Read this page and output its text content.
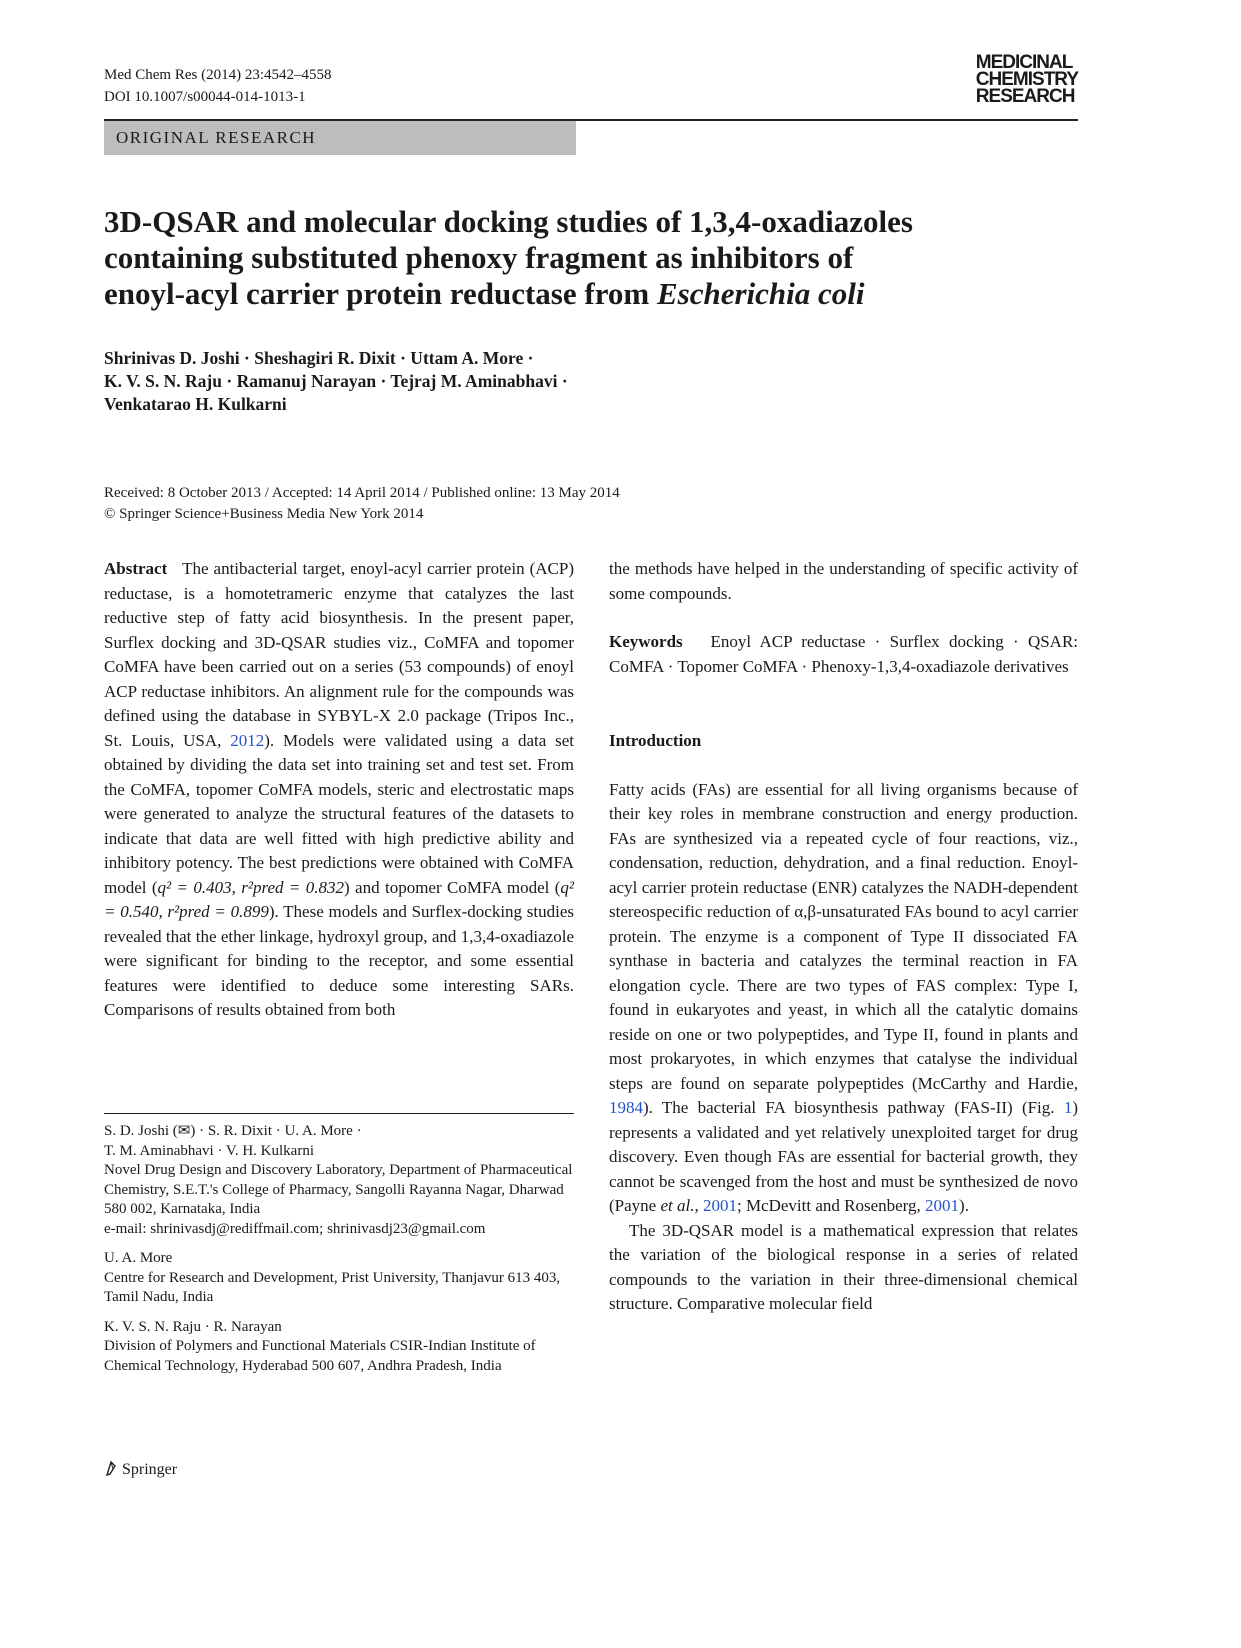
Med Chem Res (2014) 23:4542–4558
DOI 10.1007/s00044-014-1013-1
MEDICINAL
CHEMISTRY
RESEARCH
ORIGINAL RESEARCH
3D-QSAR and molecular docking studies of 1,3,4-oxadiazoles
containing substituted phenoxy fragment as inhibitors of
enoyl-acyl carrier protein reductase from Escherichia coli
Shrinivas D. Joshi · Sheshagiri R. Dixit · Uttam A. More ·
K. V. S. N. Raju · Ramanuj Narayan · Tejraj M. Aminabhavi ·
Venkatarao H. Kulkarni
Received: 8 October 2013 / Accepted: 14 April 2014 / Published online: 13 May 2014
© Springer Science+Business Media New York 2014

Abstract The antibacterial target, enoyl-acyl carrier protein (ACP) reductase, is a homotetrameric enzyme that catalyzes the last reductive step of fatty acid biosynthesis. In the present paper, Surflex docking and 3D-QSAR studies viz., CoMFA and topomer CoMFA have been carried out on a series (53 compounds) of enoyl ACP reductase inhibitors. An alignment rule for the compounds was defined using the database in SYBYL-X 2.0 package (Tripos Inc., St. Louis, USA, 2012). Models were validated using a data set obtained by dividing the data set into training set and test set. From the CoMFA, topomer CoMFA models, steric and electrostatic maps were generated to analyze the structural features of the datasets to indicate that data are well fitted with high predictive ability and inhibitory potency. The best predictions were obtained with CoMFA model (q² = 0.403, r²pred = 0.832) and topomer CoMFA model (q² = 0.540, r²pred = 0.899). These models and Surflex-docking studies revealed that the ether linkage, hydroxyl group, and 1,3,4-oxadiazole were significant for binding to the receptor, and some essential features were identified to deduce some interesting SARs. Comparisons of results obtained from both

S. D. Joshi (✉) · S. R. Dixit · U. A. More ·
T. M. Aminabhavi · V. H. Kulkarni
Novel Drug Design and Discovery Laboratory, Department of Pharmaceutical Chemistry, S.E.T.'s College of Pharmacy, Sangolli Rayanna Nagar, Dharwad 580 002, Karnataka, India
e-mail: shrinivasdj@rediffmail.com; shrinivasdj23@gmail.com

U. A. More
Centre for Research and Development, Prist University, Thanjavur 613 403, Tamil Nadu, India

K. V. S. N. Raju · R. Narayan
Division of Polymers and Functional Materials CSIR-Indian Institute of Chemical Technology, Hyderabad 500 607, Andhra Pradesh, India

the methods have helped in the understanding of specific activity of some compounds.

Keywords Enoyl ACP reductase · Surflex docking · QSAR: CoMFA · Topomer CoMFA · Phenoxy-1,3,4-oxadiazole derivatives

Introduction

Fatty acids (FAs) are essential for all living organisms because of their key roles in membrane construction and energy production. FAs are synthesized via a repeated cycle of four reactions, viz., condensation, reduction, dehydration, and a final reduction. Enoyl-acyl carrier protein reductase (ENR) catalyzes the NADH-dependent stereospecific reduction of α,β-unsaturated FAs bound to acyl carrier protein. The enzyme is a component of Type II dissociated FA synthase in bacteria and catalyzes the terminal reaction in FA elongation cycle. There are two types of FAS complex: Type I, found in eukaryotes and yeast, in which all the catalytic domains reside on one or two polypeptides, and Type II, found in plants and most prokaryotes, in which enzymes that catalyse the individual steps are found on separate polypeptides (McCarthy and Hardie, 1984). The bacterial FA biosynthesis pathway (FAS-II) (Fig. 1) represents a validated and yet relatively unexploited target for drug discovery. Even though FAs are essential for bacterial growth, they cannot be scavenged from the host and must be synthesized de novo (Payne et al., 2001; McDevitt and Rosenberg, 2001).

The 3D-QSAR model is a mathematical expression that relates the variation of the biological response in a series of related compounds to the variation in their three-dimensional chemical structure. Comparative molecular field

Springer
